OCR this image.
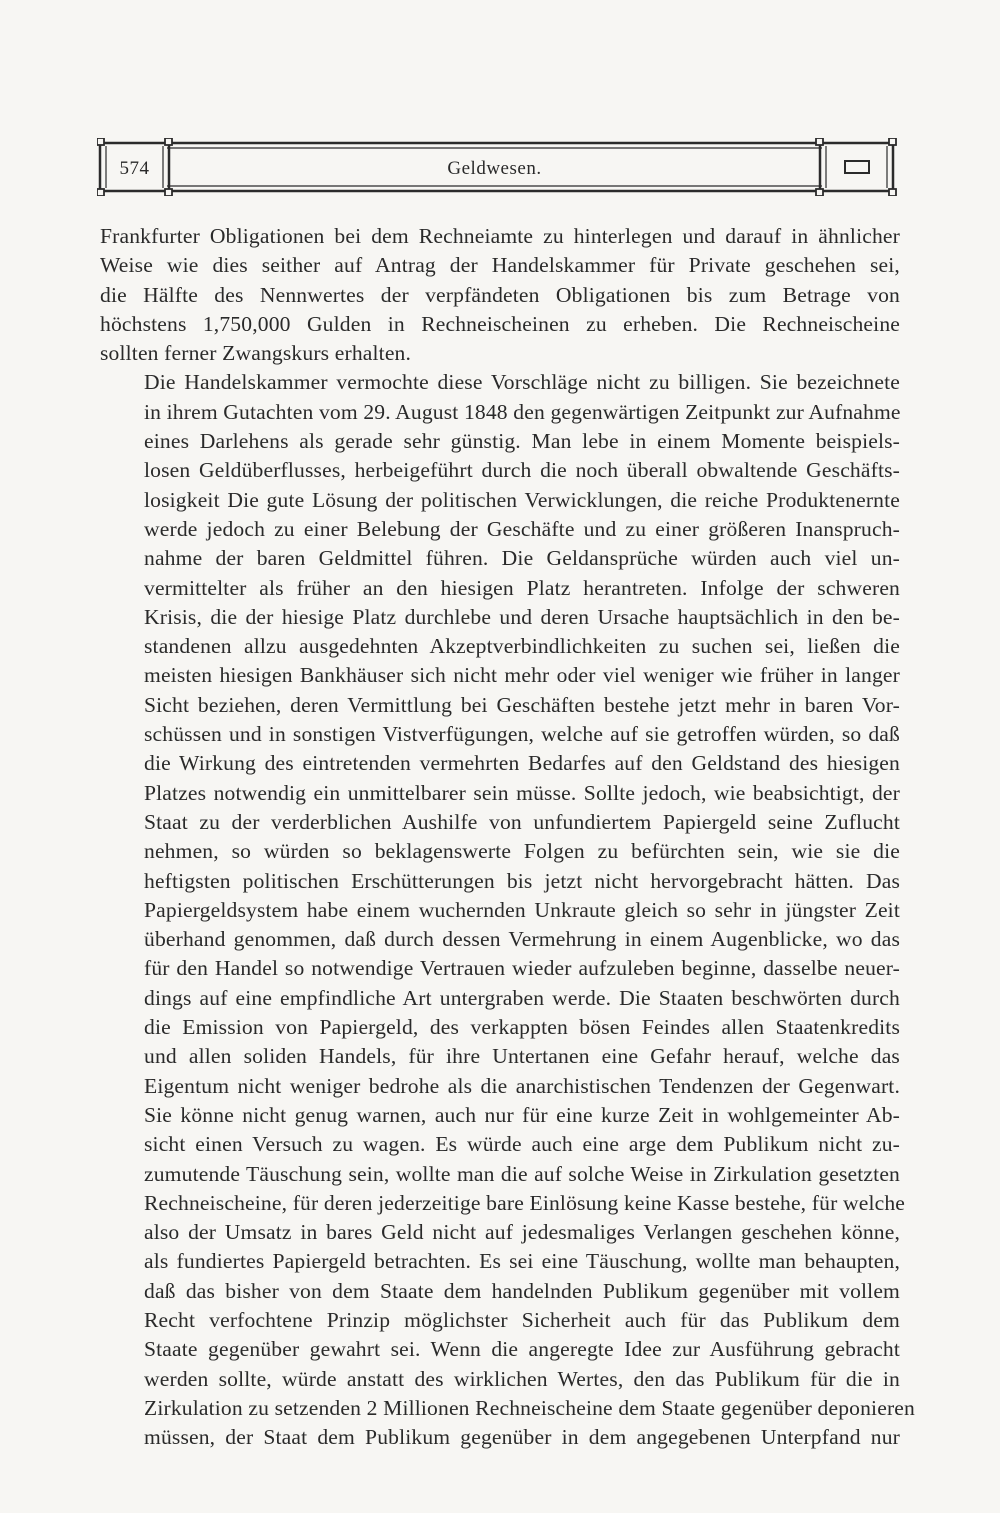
574	Geldwesen.

Frankfurter Obligationen bei dem Rechneiamte zu hinterlegen und darauf in ähnlicher
Weise wie dies seither auf Antrag der Handelskammer für Private geschehen sei,
die Hälfte des Nennwertes der verpfändeten Obligationen bis zum Betrage von
höchstens 1,750,000 Gulden in Rechneischeinen zu erheben. Die Rechneischeine
sollten ferner Zwangskurs erhalten.

Die Handelskammer vermochte diese Vorschläge nicht zu billigen. Sie bezeichnete
in ihrem Gutachten vom 29. August 1848 den gegenwärtigen Zeitpunkt zur Aufnahme
eines Darlehens als gerade sehr günstig. Man lebe in einem Momente beispiels-
losen Geldüberflusses, herbeigeführt durch die noch überall obwaltende Geschäfts-
losigkeit Die gute Lösung der politischen Verwicklungen, die reiche Produktenernte
werde jedoch zu einer Belebung der Geschäfte und zu einer größeren Inanspruch-
nahme der baren Geldmittel führen. Die Geldansprüche würden auch viel un-
vermittelter als früher an den hiesigen Platz herantreten. Infolge der schweren
Krisis, die der hiesige Platz durchlebe und deren Ursache hauptsächlich in den be-
standenen allzu ausgedehnten Akzeptverbindlichkeiten zu suchen sei, ließen die
meisten hiesigen Bankhäuser sich nicht mehr oder viel weniger wie früher in langer
Sicht beziehen, deren Vermittlung bei Geschäften bestehe jetzt mehr in baren Vor-
schüssen und in sonstigen Vistverfügungen, welche auf sie getroffen würden, so daß
die Wirkung des eintretenden vermehrten Bedarfes auf den Geldstand des hiesigen
Platzes notwendig ein unmittelbarer sein müsse. Sollte jedoch, wie beabsichtigt, der
Staat zu der verderblichen Aushilfe von unfundiertem Papiergeld seine Zuflucht
nehmen, so würden so beklagenswerte Folgen zu befürchten sein, wie sie die
heftigsten politischen Erschütterungen bis jetzt nicht hervorgebracht hätten. Das
Papiergeldsystem habe einem wuchernden Unkraute gleich so sehr in jüngster Zeit
überhand genommen, daß durch dessen Vermehrung in einem Augenblicke, wo das
für den Handel so notwendige Vertrauen wieder aufzuleben beginne, dasselbe neuer-
dings auf eine empfindliche Art untergraben werde. Die Staaten beschwörten durch
die Emission von Papiergeld, des verkappten bösen Feindes allen Staatenkredits
und allen soliden Handels, für ihre Untertanen eine Gefahr herauf, welche das
Eigentum nicht weniger bedrohe als die anarchistischen Tendenzen der Gegenwart.
Sie könne nicht genug warnen, auch nur für eine kurze Zeit in wohlgemeinter Ab-
sicht einen Versuch zu wagen. Es würde auch eine arge dem Publikum nicht zu-
zumutende Täuschung sein, wollte man die auf solche Weise in Zirkulation gesetzten
Rechneischeine, für deren jederzeitige bare Einlösung keine Kasse bestehe, für welche
also der Umsatz in bares Geld nicht auf jedesmaliges Verlangen geschehen könne,
als fundiertes Papiergeld betrachten. Es sei eine Täuschung, wollte man behaupten,
daß das bisher von dem Staate dem handelnden Publikum gegenüber mit vollem
Recht verfochtene Prinzip möglichster Sicherheit auch für das Publikum dem
Staate gegenüber gewahrt sei. Wenn die angeregte Idee zur Ausführung gebracht
werden sollte, würde anstatt des wirklichen Wertes, den das Publikum für die in
Zirkulation zu setzenden 2 Millionen Rechneischeine dem Staate gegenüber deponieren
müssen, der Staat dem Publikum gegenüber in dem angegebenen Unterpfand nur
